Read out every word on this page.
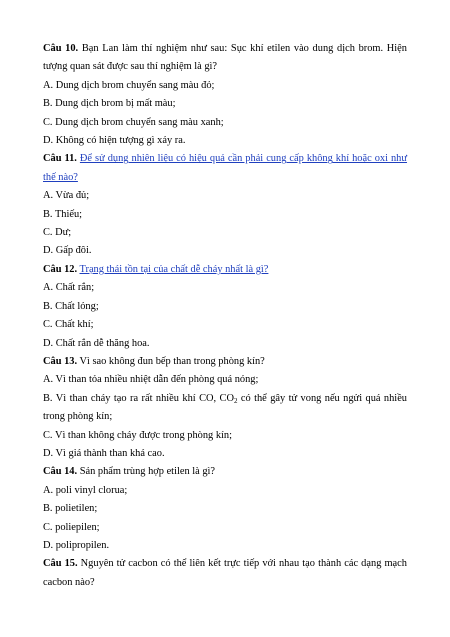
Câu 10. Bạn Lan làm thí nghiệm như sau: Sục khí etilen vào dung dịch brom. Hiện tượng quan sát được sau thí nghiệm là gì?

A. Dung dịch brom chuyển sang màu đỏ;

B. Dung dịch brom bị mất màu;

C. Dung dịch brom chuyển sang màu xanh;

D. Không có hiện tượng gì xảy ra.

Câu 11. Để sử dụng nhiên liệu có hiệu quả cần phải cung cấp không khí hoặc oxi như thế nào?

A. Vừa đủ;

B. Thiếu;

C. Dư;

D. Gấp đôi.

Câu 12. Trạng thái tồn tại của chất dễ cháy nhất là gì?

A. Chất rắn;

B. Chất lỏng;

C. Chất khí;

D. Chất rắn dễ thăng hoa.

Câu 13. Vì sao không đun bếp than trong phòng kín?

A. Vì than tỏa nhiều nhiệt dẫn đến phòng quá nóng;

B. Vì than cháy tạo ra rất nhiều khí CO, $CO_2$ có thể gây tử vong nếu ngửi quá nhiều trong phòng kín;

C. Vì than không cháy được trong phòng kín;

D. Vì giá thành than khá cao.

Câu 14. Sản phẩm trùng hợp etilen là gì?

A. poli vinyl clorua;

B. polietilen;

C. poliepilen;

D. polipropilen.

Câu 15. Nguyên tử cacbon có thể liên kết trực tiếp với nhau tạo thành các dạng mạch cacbon nào?
